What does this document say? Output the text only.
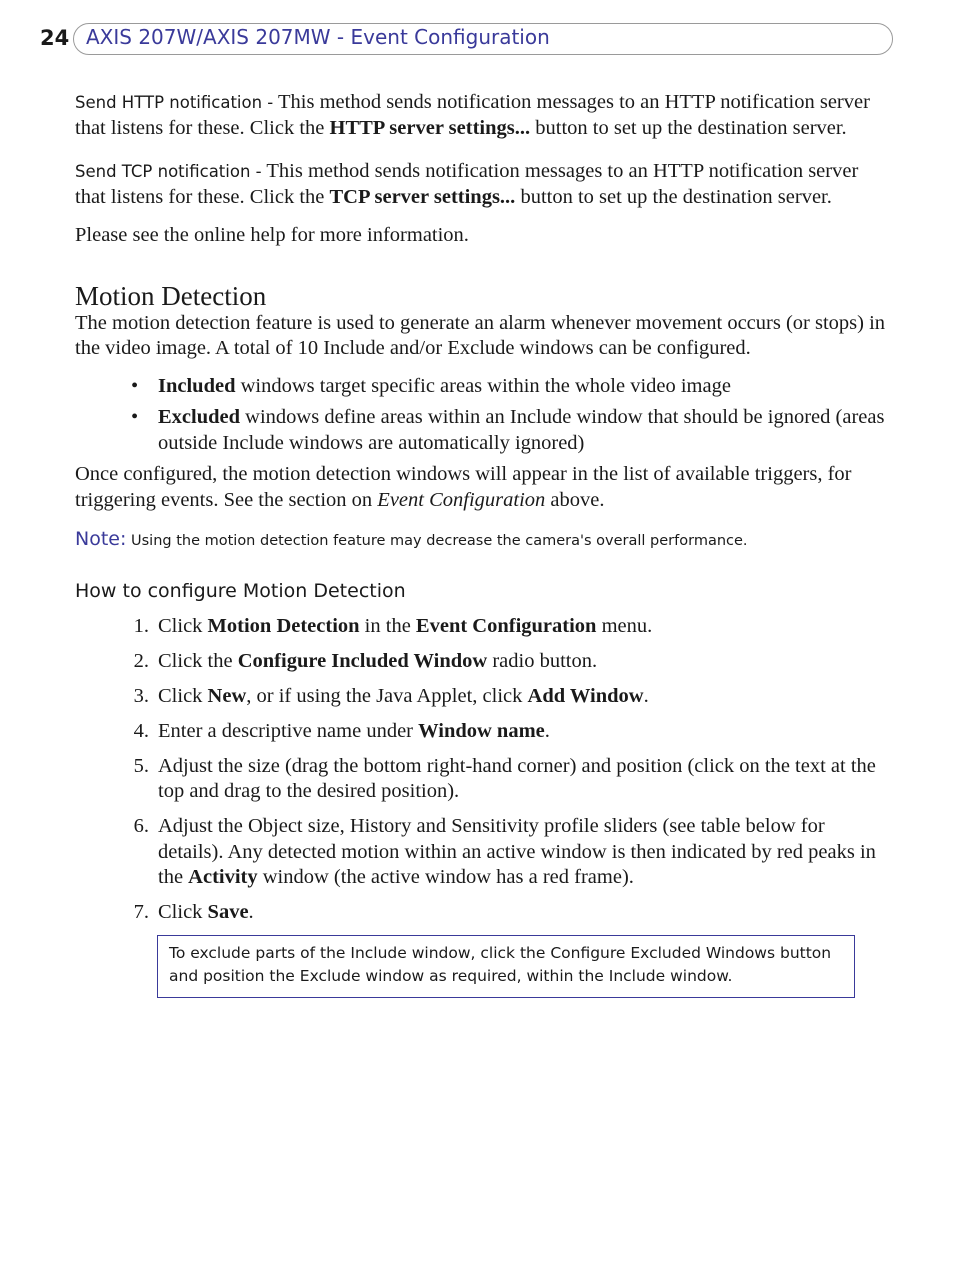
24 AXIS 207W/AXIS 207MW - Event Configuration

Send HTTP notification - This method sends notification messages to an HTTP notification server that listens for these. Click the HTTP server settings... button to set up the destination server.

Send TCP notification - This method sends notification messages to an HTTP notification server that listens for these. Click the TCP server settings... button to set up the destination server.

Please see the online help for more information.

Motion Detection

The motion detection feature is used to generate an alarm whenever movement occurs (or stops) in the video image. A total of 10 Include and/or Exclude windows can be configured.

• Included windows target specific areas within the whole video image
• Excluded windows define areas within an Include window that should be ignored (areas outside Include windows are automatically ignored)

Once configured, the motion detection windows will appear in the list of available triggers, for triggering events. See the section on Event Configuration above.

Note: Using the motion detection feature may decrease the camera's overall performance.

How to configure Motion Detection
1. Click Motion Detection in the Event Configuration menu.
2. Click the Configure Included Window radio button.
3. Click New, or if using the Java Applet, click Add Window.
4. Enter a descriptive name under Window name.
5. Adjust the size (drag the bottom right-hand corner) and position (click on the text at the top and drag to the desired position).
6. Adjust the Object size, History and Sensitivity profile sliders (see table below for details). Any detected motion within an active window is then indicated by red peaks in the Activity window (the active window has a red frame).
7. Click Save.
To exclude parts of the Include window, click the Configure Excluded Windows button and position the Exclude window as required, within the Include window.
